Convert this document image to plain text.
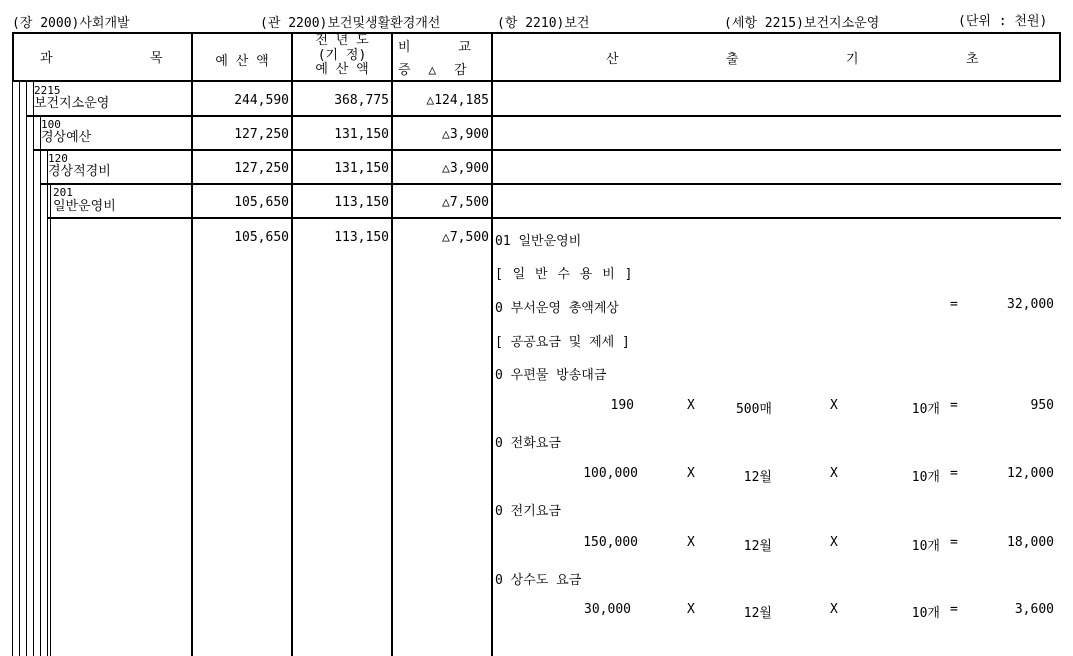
(장 2000)사회개발	(관 2200)보건및생활환경개선	(항 2210)보건	(세항 2215)보건지소운영	(단위 : 천원)
과	목	예 산 액
전 년 도
(기 정)
예 산 액
비 교
증 △ 감
산	출	기	초
2215
보건지소운영	244,590	368,775	△124,185
100
경상예산	127,250	131,150	△3,900
120
경상적경비	127,250	131,150	△3,900
201
일반운영비	105,650	113,150	△7,500
105,650	113,150	△7,500 01 일반운영비
[ 일 반 수 용 비 ]
0 부서운영 총액계상	=	32,000
[ 공공요금 및 제세 ]
0 우편물 방송대금
190	X	500매	X	10개 =	950
0 전화요금
100,000	X	12월	X	10개 =	12,000
0 전기요금
150,000	X	12월	X	10개 =	18,000
0 상수도 요금
30,000	X	12월	X	10개 =	3,600
